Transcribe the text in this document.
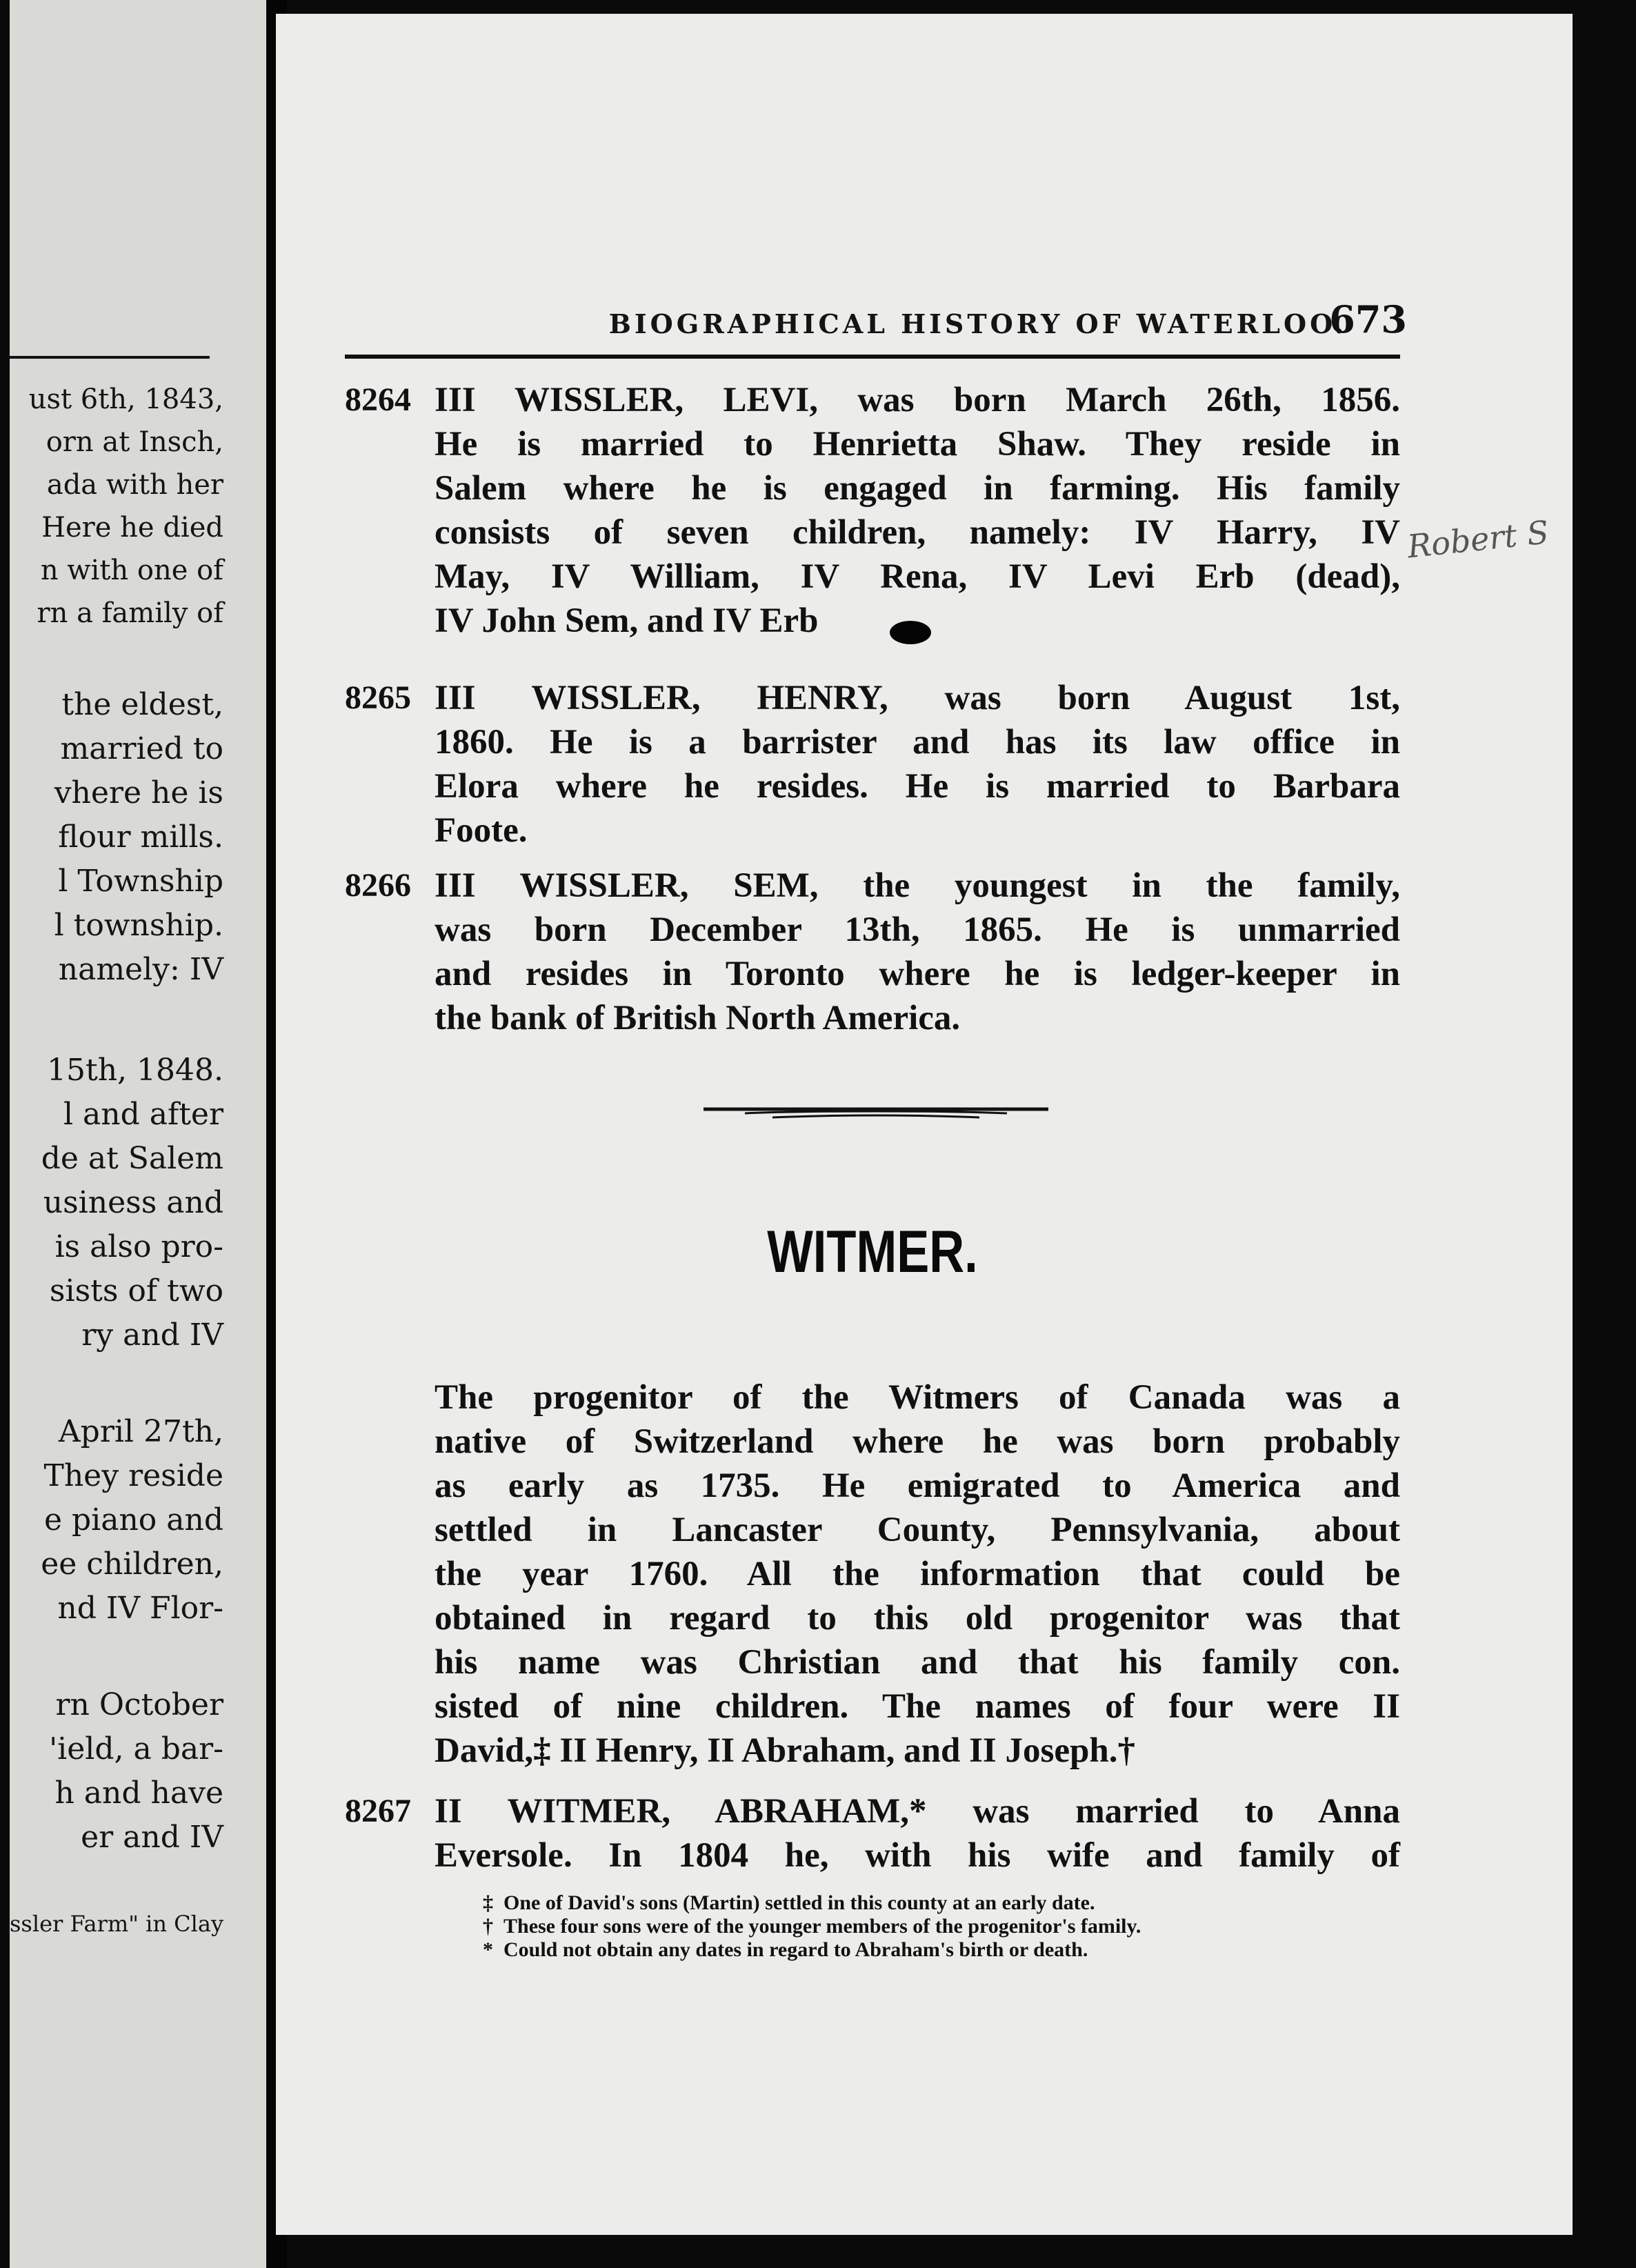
ust 6th, 1843,
orn at Insch,
ada with her
Here he died
n with one of
rn a family of
the eldest,
married to
vhere he is
flour mills.
l Township
l township.
namely: IV
15th, 1848.
l and after
de at Salem
usiness and
is also pro-
sists of two
ry and IV
April 27th,
They reside
e piano and
ee children,
nd IV Flor-
rn October
'ield, a bar-
h and have
er and IV
ssler Farm" in Clay
BIOGRAPHICAL HISTORY OF WATERLOO.
673
8264 III WISSLER, LEVI, was born March 26th, 1856.
He is married to Henrietta Shaw. They reside in
Salem where he is engaged in farming. His family
consists of seven children, namely: IV Harry, IV
May, IV William, IV Rena, IV Levi Erb (dead),
IV John Sem, and IV Erb
Robert S
8265 III WISSLER, HENRY, was born August 1st,
1860. He is a barrister and has its law office in
Elora where he resides. He is married to Barbara
Foote.
8266 III WISSLER, SEM, the youngest in the family,
was born December 13th, 1865. He is unmarried
and resides in Toronto where he is ledger-keeper in
the bank of British North America.
WITMER.
The progenitor of the Witmers of Canada was a
native of Switzerland where he was born probably
as early as 1735. He emigrated to America and
settled in Lancaster County, Pennsylvania, about
the year 1760. All the information that could be
obtained in regard to this old progenitor was that
his name was Christian and that his family con.
sisted of nine children. The names of four were II
David,‡ II Henry, II Abraham, and II Joseph.†
8267 II WITMER, ABRAHAM,* was married to Anna
Eversole. In 1804 he, with his wife and family of
‡ One of David's sons (Martin) settled in this county at an early date.
† These four sons were of the younger members of the progenitor's family.
* Could not obtain any dates in regard to Abraham's birth or death.
